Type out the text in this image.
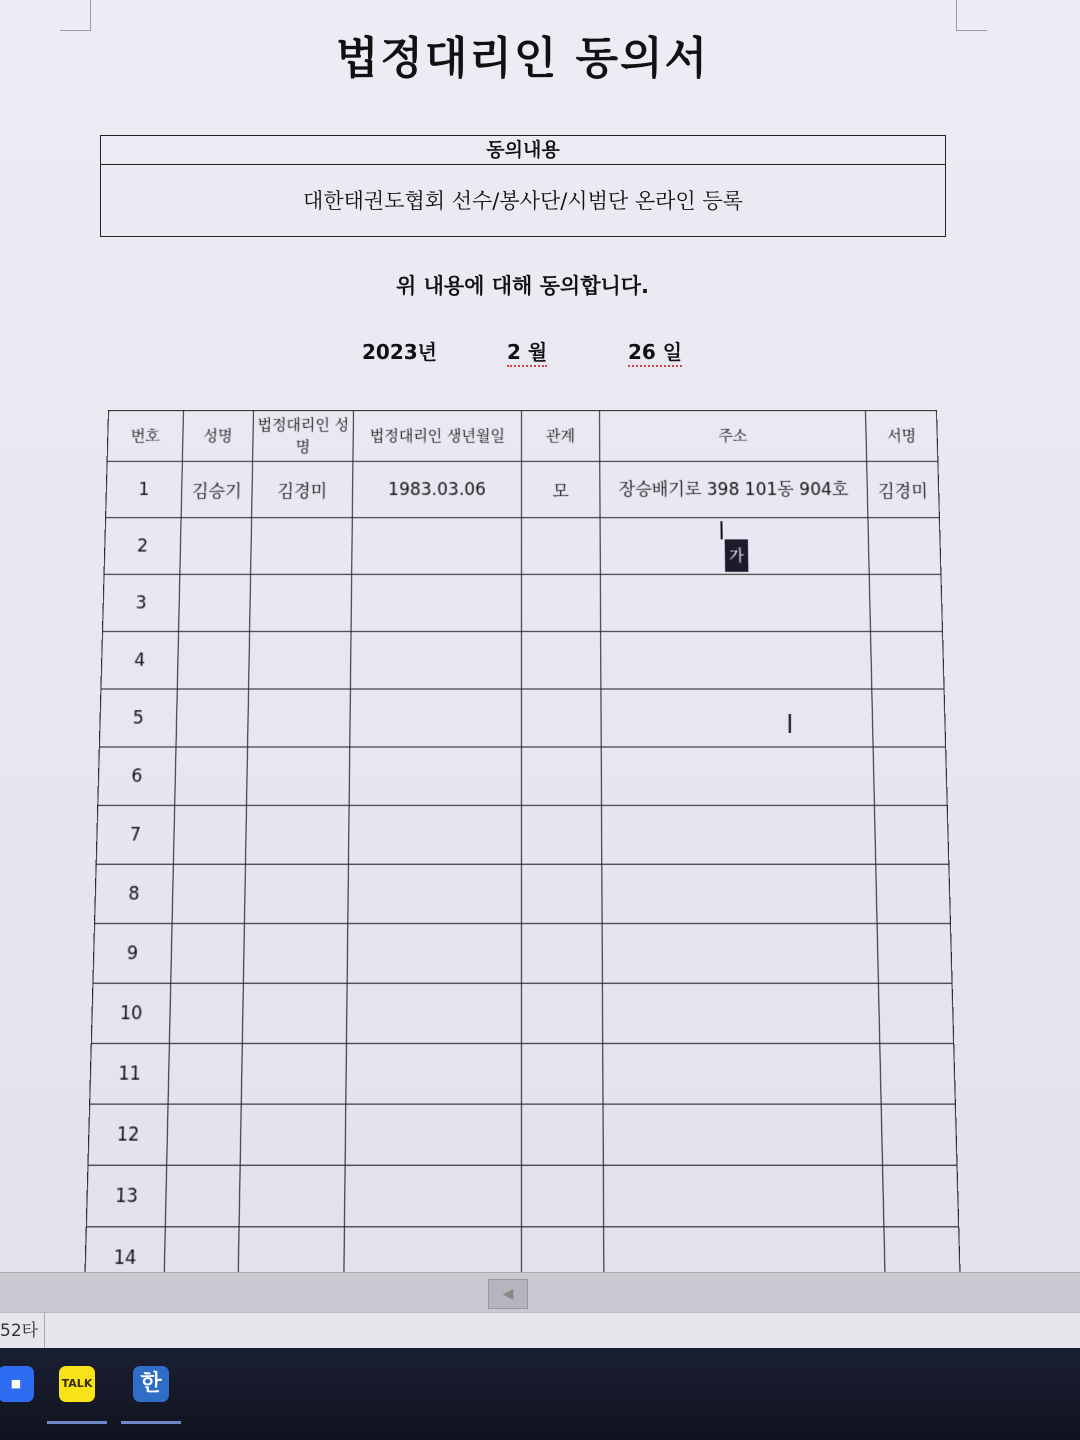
법정대리인 동의서
동의내용
대한태권도협회 선수/봉사단/시범단 온라인 등록
위 내용에 대해 동의합니다.
2023년	2 월	26 일
번호	성명	법정대리인 성명	법정대리인 생년월일	관계	주소	서명
1	김승기	김경미	1983.03.06	모	장승배기로 398 101동 904호	김경미
2					가	
3						
4						
5						
6						
7						
8						
9						
10						
11						
12						
13						
14						

I
◀
52타
■	TALK	한
